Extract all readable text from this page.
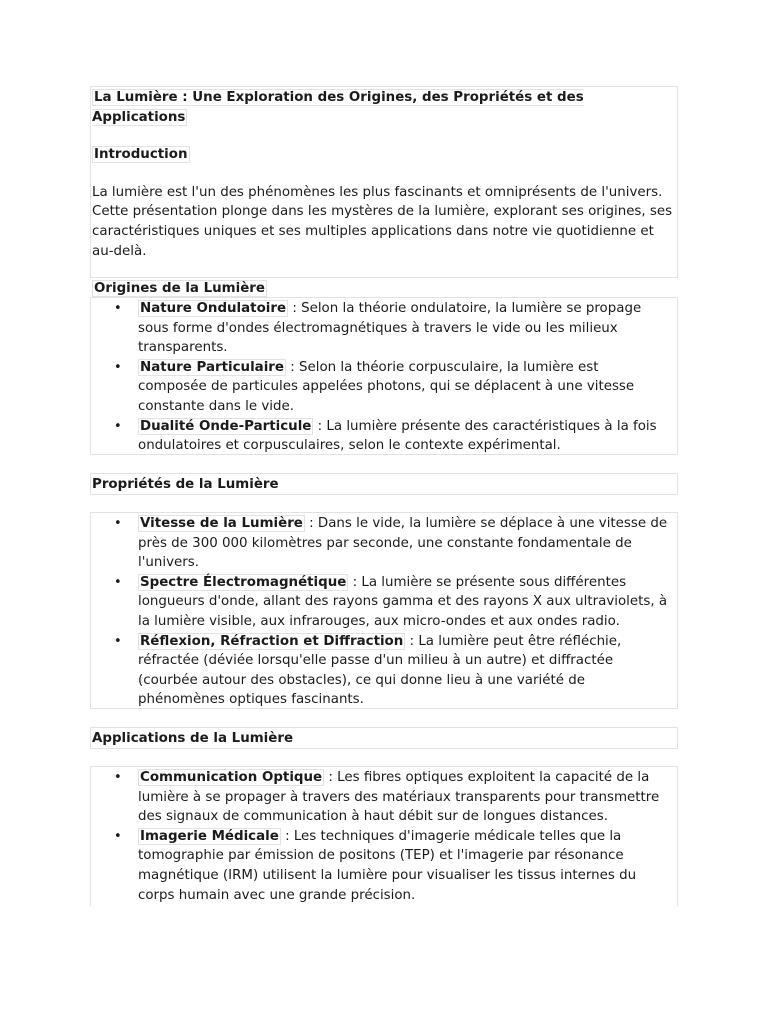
La Lumière : Une Exploration des Origines, des Propriétés et des Applications
Introduction

La lumière est l'un des phénomènes les plus fascinants et omniprésents de l'univers. Cette présentation plonge dans les mystères de la lumière, explorant ses origines, ses caractéristiques uniques et ses multiples applications dans notre vie quotidienne et au-delà.

Origines de la Lumière
• Nature Ondulatoire : Selon la théorie ondulatoire, la lumière se propage sous forme d'ondes électromagnétiques à travers le vide ou les milieux transparents.
• Nature Particulaire : Selon la théorie corpusculaire, la lumière est composée de particules appelées photons, qui se déplacent à une vitesse constante dans le vide.
• Dualité Onde-Particule : La lumière présente des caractéristiques à la fois ondulatoires et corpusculaires, selon le contexte expérimental.
Propriétés de la Lumière
• Vitesse de la Lumière : Dans le vide, la lumière se déplace à une vitesse de près de 300 000 kilomètres par seconde, une constante fondamentale de l'univers.
• Spectre Électromagnétique : La lumière se présente sous différentes longueurs d'onde, allant des rayons gamma et des rayons X aux ultraviolets, à la lumière visible, aux infrarouges, aux micro-ondes et aux ondes radio.
• Réflexion, Réfraction et Diffraction : La lumière peut être réfléchie, réfractée (déviée lorsqu'elle passe d'un milieu à un autre) et diffractée (courbée autour des obstacles), ce qui donne lieu à une variété de phénomènes optiques fascinants.
Applications de la Lumière
• Communication Optique : Les fibres optiques exploitent la capacité de la lumière à se propager à travers des matériaux transparents pour transmettre des signaux de communication à haut débit sur de longues distances.
• Imagerie Médicale : Les techniques d'imagerie médicale telles que la tomographie par émission de positons (TEP) et l'imagerie par résonance magnétique (IRM) utilisent la lumière pour visualiser les tissus internes du corps humain avec une grande précision.
